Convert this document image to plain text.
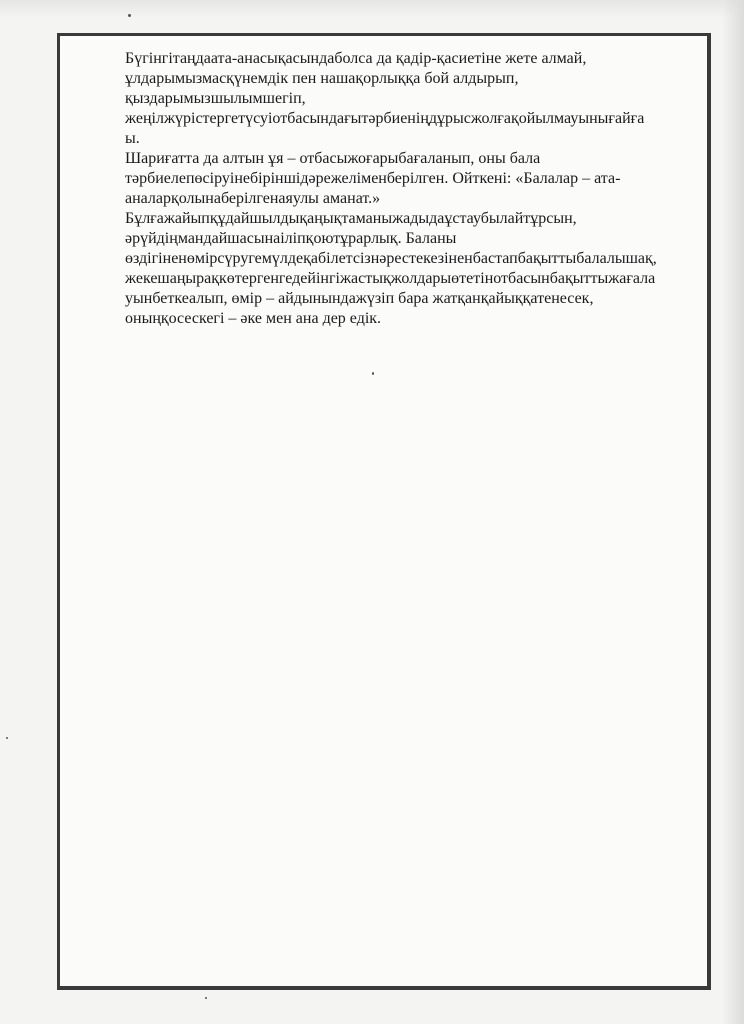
Бүгінгітаңдаата-анасықасындаболса да қадір-қасиетіне жете алмай,
ұлдарымызмасқүнемдік пен нашақорлыққа бой алдырып,
қыздарымызшылымшегіп,
жеңілжүрістергетүсуіотбасындағытәрбиеніңдұрысжолғақойылмауынығайға
ы.

Шариғатта да алтын ұя – отбасыжоғарыбағаланып, оны бала
тәрбиелепөсіруінебіріншідәрежеліменберілген. Ойткені: «Балалар – ата-
аналарқолынаберілгенаяулы аманат.»

Бұлғажайыпқұдайшылдықаңықтаманыжадыдаұстаубылайтұрсын,
әрүйдіңмандайшасынаіліпқоютұрарлық. Баланы
өздігіненөмірсүругемүлдеқабілетсізнәрестекезіненбастапбақыттыбалалышақ,
жекешаңырақкөтергенгедейінгіжастықжолдарыөтетінотбасынбақыттыжағала
уынбеткеалып, өмір – айдынындажүзіп бара жатқанқайыққатенесек,
оныңқосескегі – әке мен ана дер едік.
